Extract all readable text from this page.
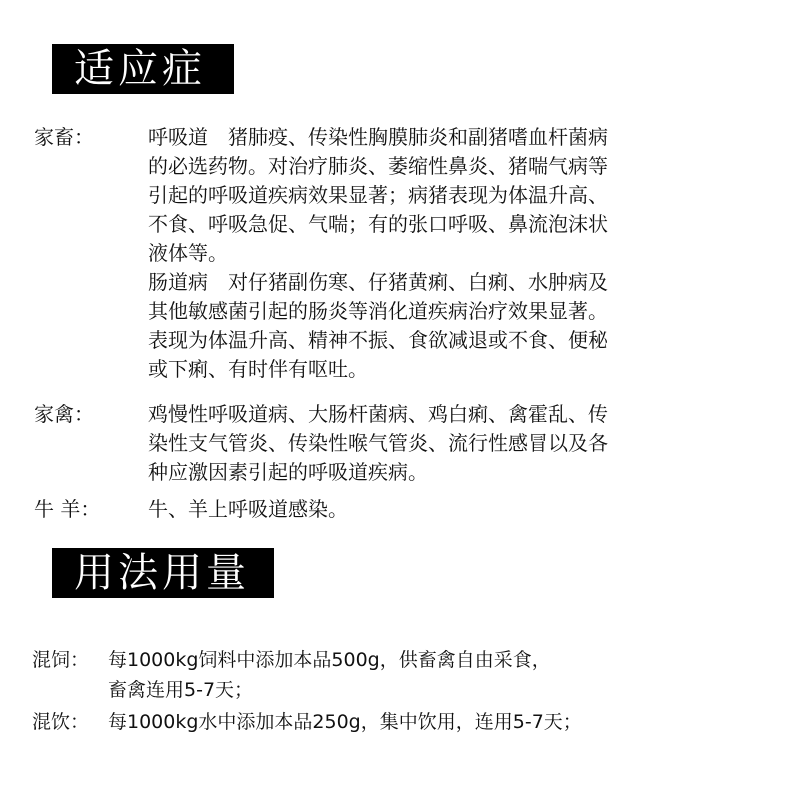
适应症
家畜：	呼吸道　猪肺疫、传染性胸膜肺炎和副猪嗜血杆菌病
的必选药物。对治疗肺炎、萎缩性鼻炎、猪喘气病等
引起的呼吸道疾病效果显著；病猪表现为体温升高、
不食、呼吸急促、气喘；有的张口呼吸、鼻流泡沫状
液体等。
肠道病　对仔猪副伤寒、仔猪黄痢、白痢、水肿病及
其他敏感菌引起的肠炎等消化道疾病治疗效果显著。
表现为体温升高、精神不振、食欲减退或不食、便秘
或下痢、有时伴有呕吐。
家禽：	鸡慢性呼吸道病、大肠杆菌病、鸡白痢、禽霍乱、传
染性支气管炎、传染性喉气管炎、流行性感冒以及各
种应激因素引起的呼吸道疾病。
牛 羊： 牛、羊上呼吸道感染。
用法用量
混饲： 每1000kg饲料中添加本品500g，供畜禽自由采食，
畜禽连用5-7天；
混饮： 每1000kg水中添加本品250g，集中饮用，连用5-7天；
